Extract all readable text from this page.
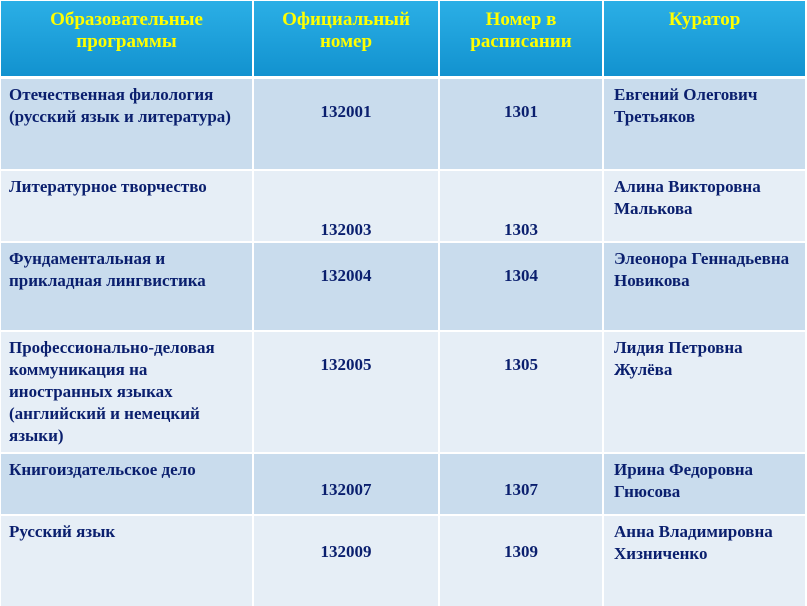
Образовательные программы	Официальный номер	Номер в расписании	Куратор
Отечественная филология (русский язык и литература)	132001	1301	Евгений Олегович Третьяков
Литературное творчество	132003	1303	Алина Викторовна Малькова
Фундаментальная и прикладная лингвистика	132004	1304	Элеонора Геннадьевна Новикова
Профессионально-деловая коммуникация на иностранных языках (английский и немецкий языки)	132005	1305	Лидия Петровна Жулёва
Книгоиздательское дело	132007	1307	Ирина Федоровна Гнюсова
Русский язык	132009	1309	Анна Владимировна Хизниченко
